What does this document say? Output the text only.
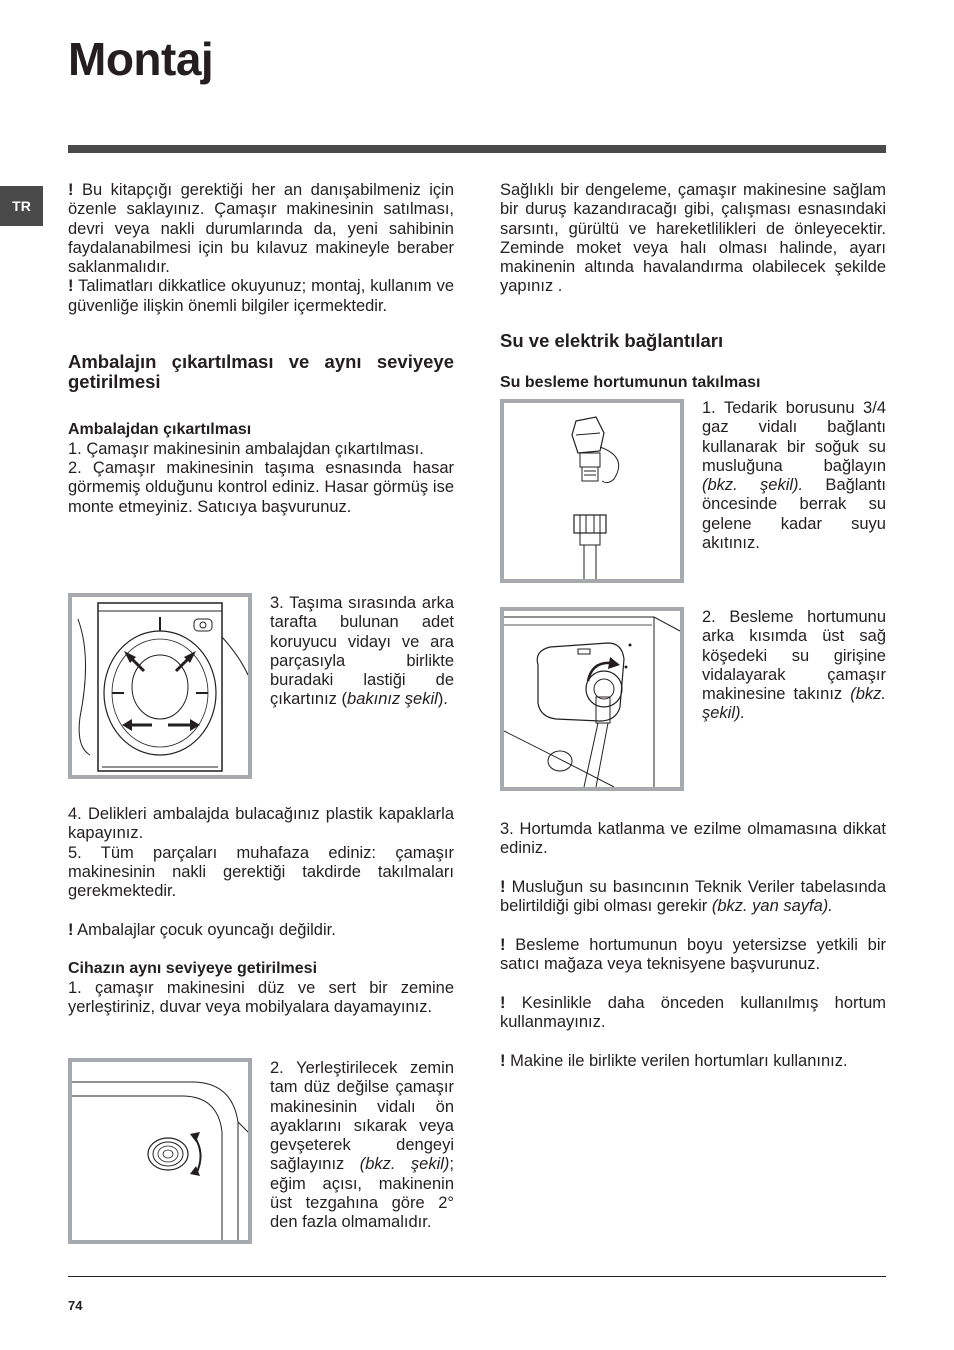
Montaj
TR

! Bu kitapçığı gerektiği her an danışabilmeniz için özenle saklayınız. Çamaşır makinesinin satılması, devri veya nakli durumlarında da, yeni sahibinin faydalanabilmesi için bu kılavuz makineyle beraber saklanmalıdır.

! Talimatları dikkatlice okuyunuz; montaj, kullanım ve güvenliğe ilişkin önemli bilgiler içermektedir.

Ambalajın çıkartılması ve aynı seviyeye getirilmesi

Ambalajdan çıkartılması

1. Çamaşır makinesinin ambalajdan çıkartılması.

2. Çamaşır makinesinin taşıma esnasında hasar görmemiş olduğunu kontrol ediniz. Hasar görmüş ise monte etmeyiniz. Satıcıya başvurunuz.

3. Taşıma sırasında arka tarafta bulunan adet koruyucu vidayı ve ara parçasıyla birlikte buradaki lastiği de çıkartınız (bakınız şekil).

4. Delikleri ambalajda bulacağınız plastik kapaklarla kapayınız.

5. Tüm parçaları muhafaza ediniz: çamaşır makinesinin nakli gerektiği takdirde takılmaları gerekmektedir.

! Ambalajlar çocuk oyuncağı değildir.

Cihazın aynı seviyeye getirilmesi

1. çamaşır makinesini düz ve sert bir zemine yerleştiriniz, duvar veya mobilyalara dayamayınız.

2. Yerleştirilecek zemin tam düz değilse çamaşır makinesinin vidalı ön ayaklarını sıkarak veya gevşeterek dengeyi sağlayınız (bkz. şekil); eğim açısı, makinenin üst tezgahına göre 2° den fazla olmamalıdır.

Sağlıklı bir dengeleme, çamaşır makinesine sağlam bir duruş kazandıracağı gibi, çalışması esnasındaki sarsıntı, gürültü ve hareketlilikleri de önleyecektir. Zeminde moket veya halı olması halinde, ayarı makinenin altında havalandırma olabilecek şekilde yapınız .

Su ve elektrik bağlantıları

Su besleme hortumunun takılması

1. Tedarik borusunu 3/4 gaz vidalı bağlantı kullanarak bir soğuk su musluğuna bağlayın (bkz. şekil). Bağlantı öncesinde berrak su gelene kadar suyu akıtınız.

2. Besleme hortumunu arka kısımda üst sağ köşedeki su girişine vidalayarak çamaşır makinesine takınız (bkz. şekil).

3. Hortumda katlanma ve ezilme olmamasına dikkat ediniz.

! Musluğun su basıncının Teknik Veriler tabelasında belirtildiği gibi olması gerekir (bkz. yan sayfa).

! Besleme hortumunun boyu yetersizse yetkili bir satıcı mağaza veya teknisyene başvurunuz.

! Kesinlikle daha önceden kullanılmış hortum kullanmayınız.

! Makine ile birlikte verilen hortumları kullanınız.

74
